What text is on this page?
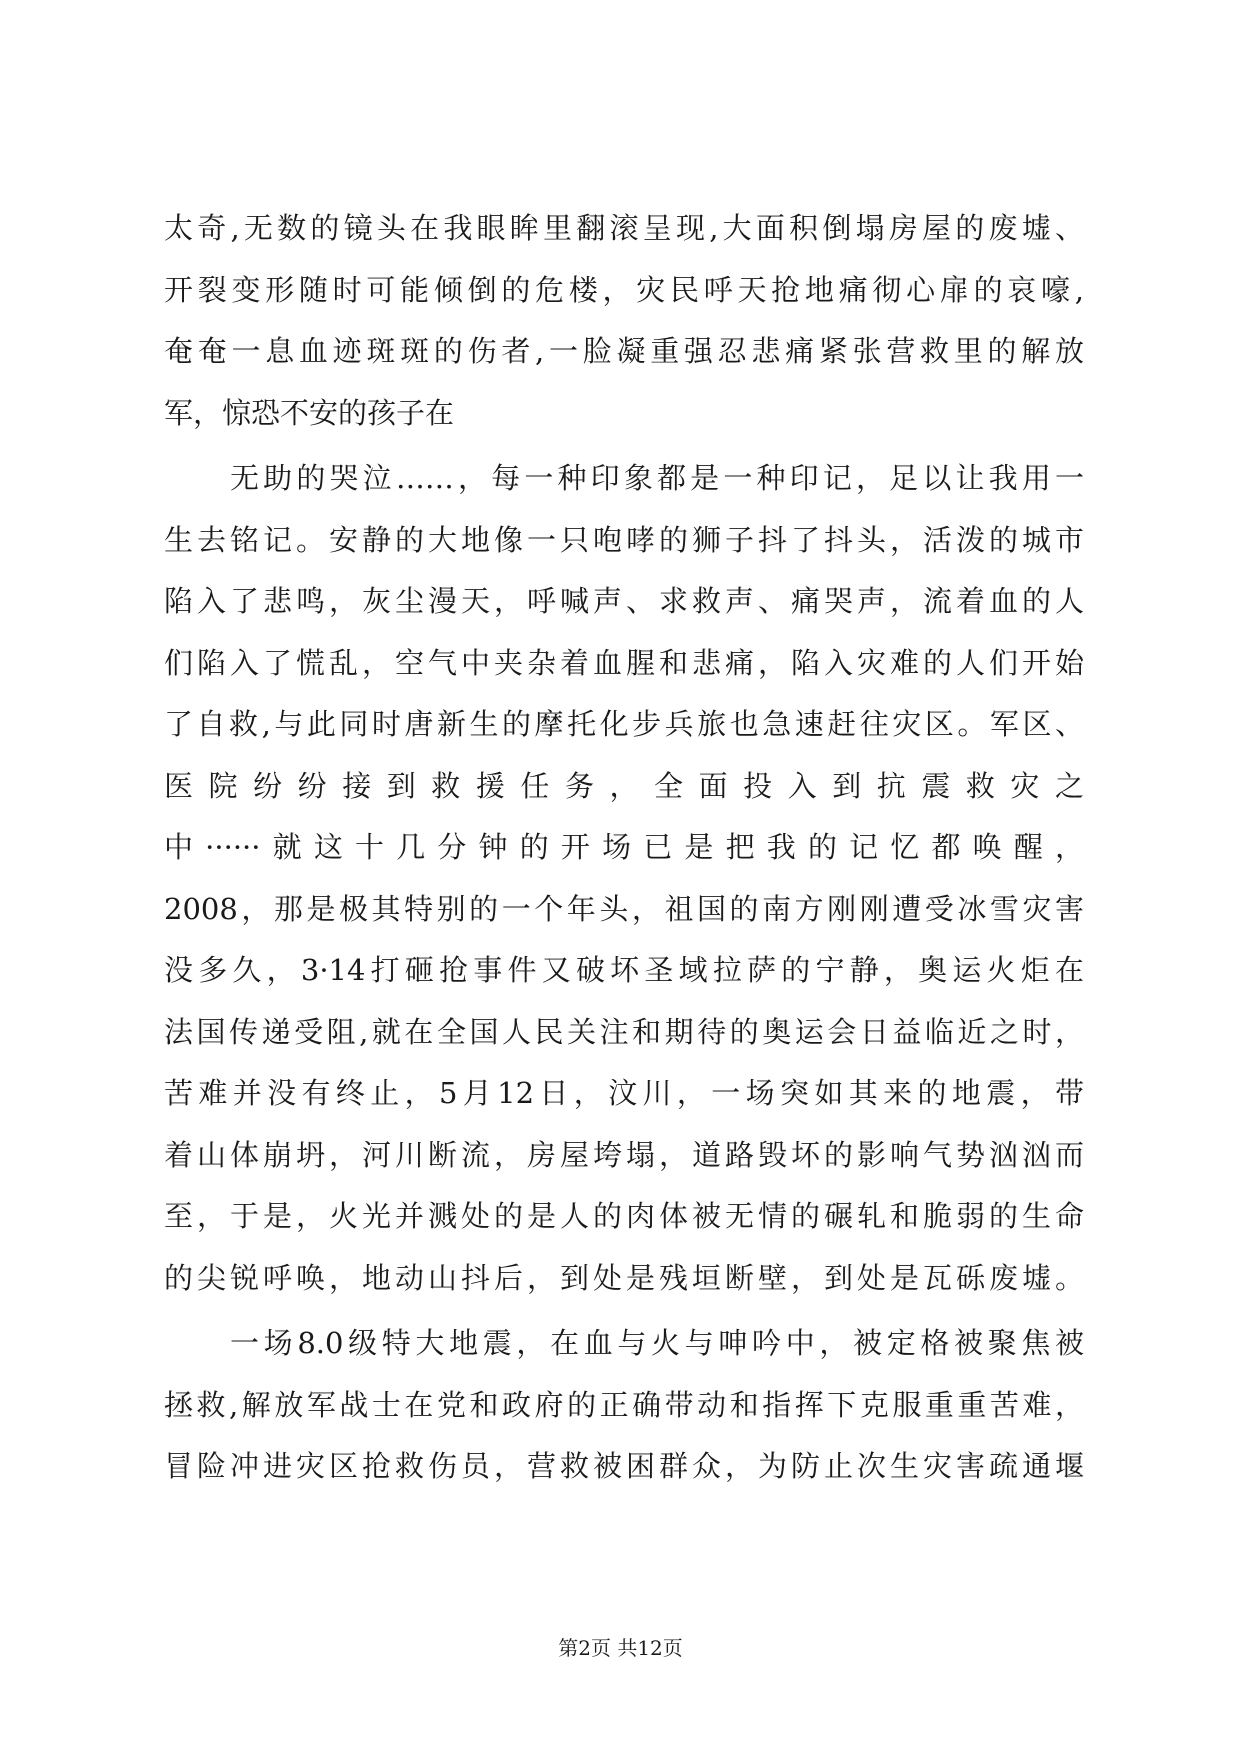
太奇,无数的镜头在我眼眸里翻滚呈现,大面积倒塌房屋的废墟、
开裂变形随时可能倾倒的危楼，灾民呼天抢地痛彻心扉的哀嚎,
奄奄一息血迹斑斑的伤者,一脸凝重强忍悲痛紧张营救里的解放
军，惊恐不安的孩子在
无助的哭泣……，每一种印象都是一种印记，足以让我用一
生去铭记。安静的大地像一只咆哮的狮子抖了抖头，活泼的城市
陷入了悲鸣，灰尘漫天，呼喊声、求救声、痛哭声，流着血的人
们陷入了慌乱，空气中夹杂着血腥和悲痛，陷入灾难的人们开始
了自救,与此同时唐新生的摩托化步兵旅也急速赶往灾区。军区、
医院纷纷接到救援任务，全面投入到抗震救灾之
中······就这十几分钟的开场已是把我的记忆都唤醒，
2008，那是极其特别的一个年头，祖国的南方刚刚遭受冰雪灾害
没多久，3·14打砸抢事件又破坏圣域拉萨的宁静，奥运火炬在
法国传递受阻,就在全国人民关注和期待的奥运会日益临近之时，
苦难并没有终止，5月12日，汶川，一场突如其来的地震，带
着山体崩坍，河川断流，房屋垮塌，道路毁坏的影响气势汹汹而
至，于是，火光并溅处的是人的肉体被无情的碾轧和脆弱的生命
的尖锐呼唤，地动山抖后，到处是残垣断壁，到处是瓦砾废墟。
一场8.0级特大地震，在血与火与呻吟中，被定格被聚焦被
拯救,解放军战士在党和政府的正确带动和指挥下克服重重苦难，
冒险冲进灾区抢救伤员，营救被困群众，为防止次生灾害疏通堰
第2页 共12页
